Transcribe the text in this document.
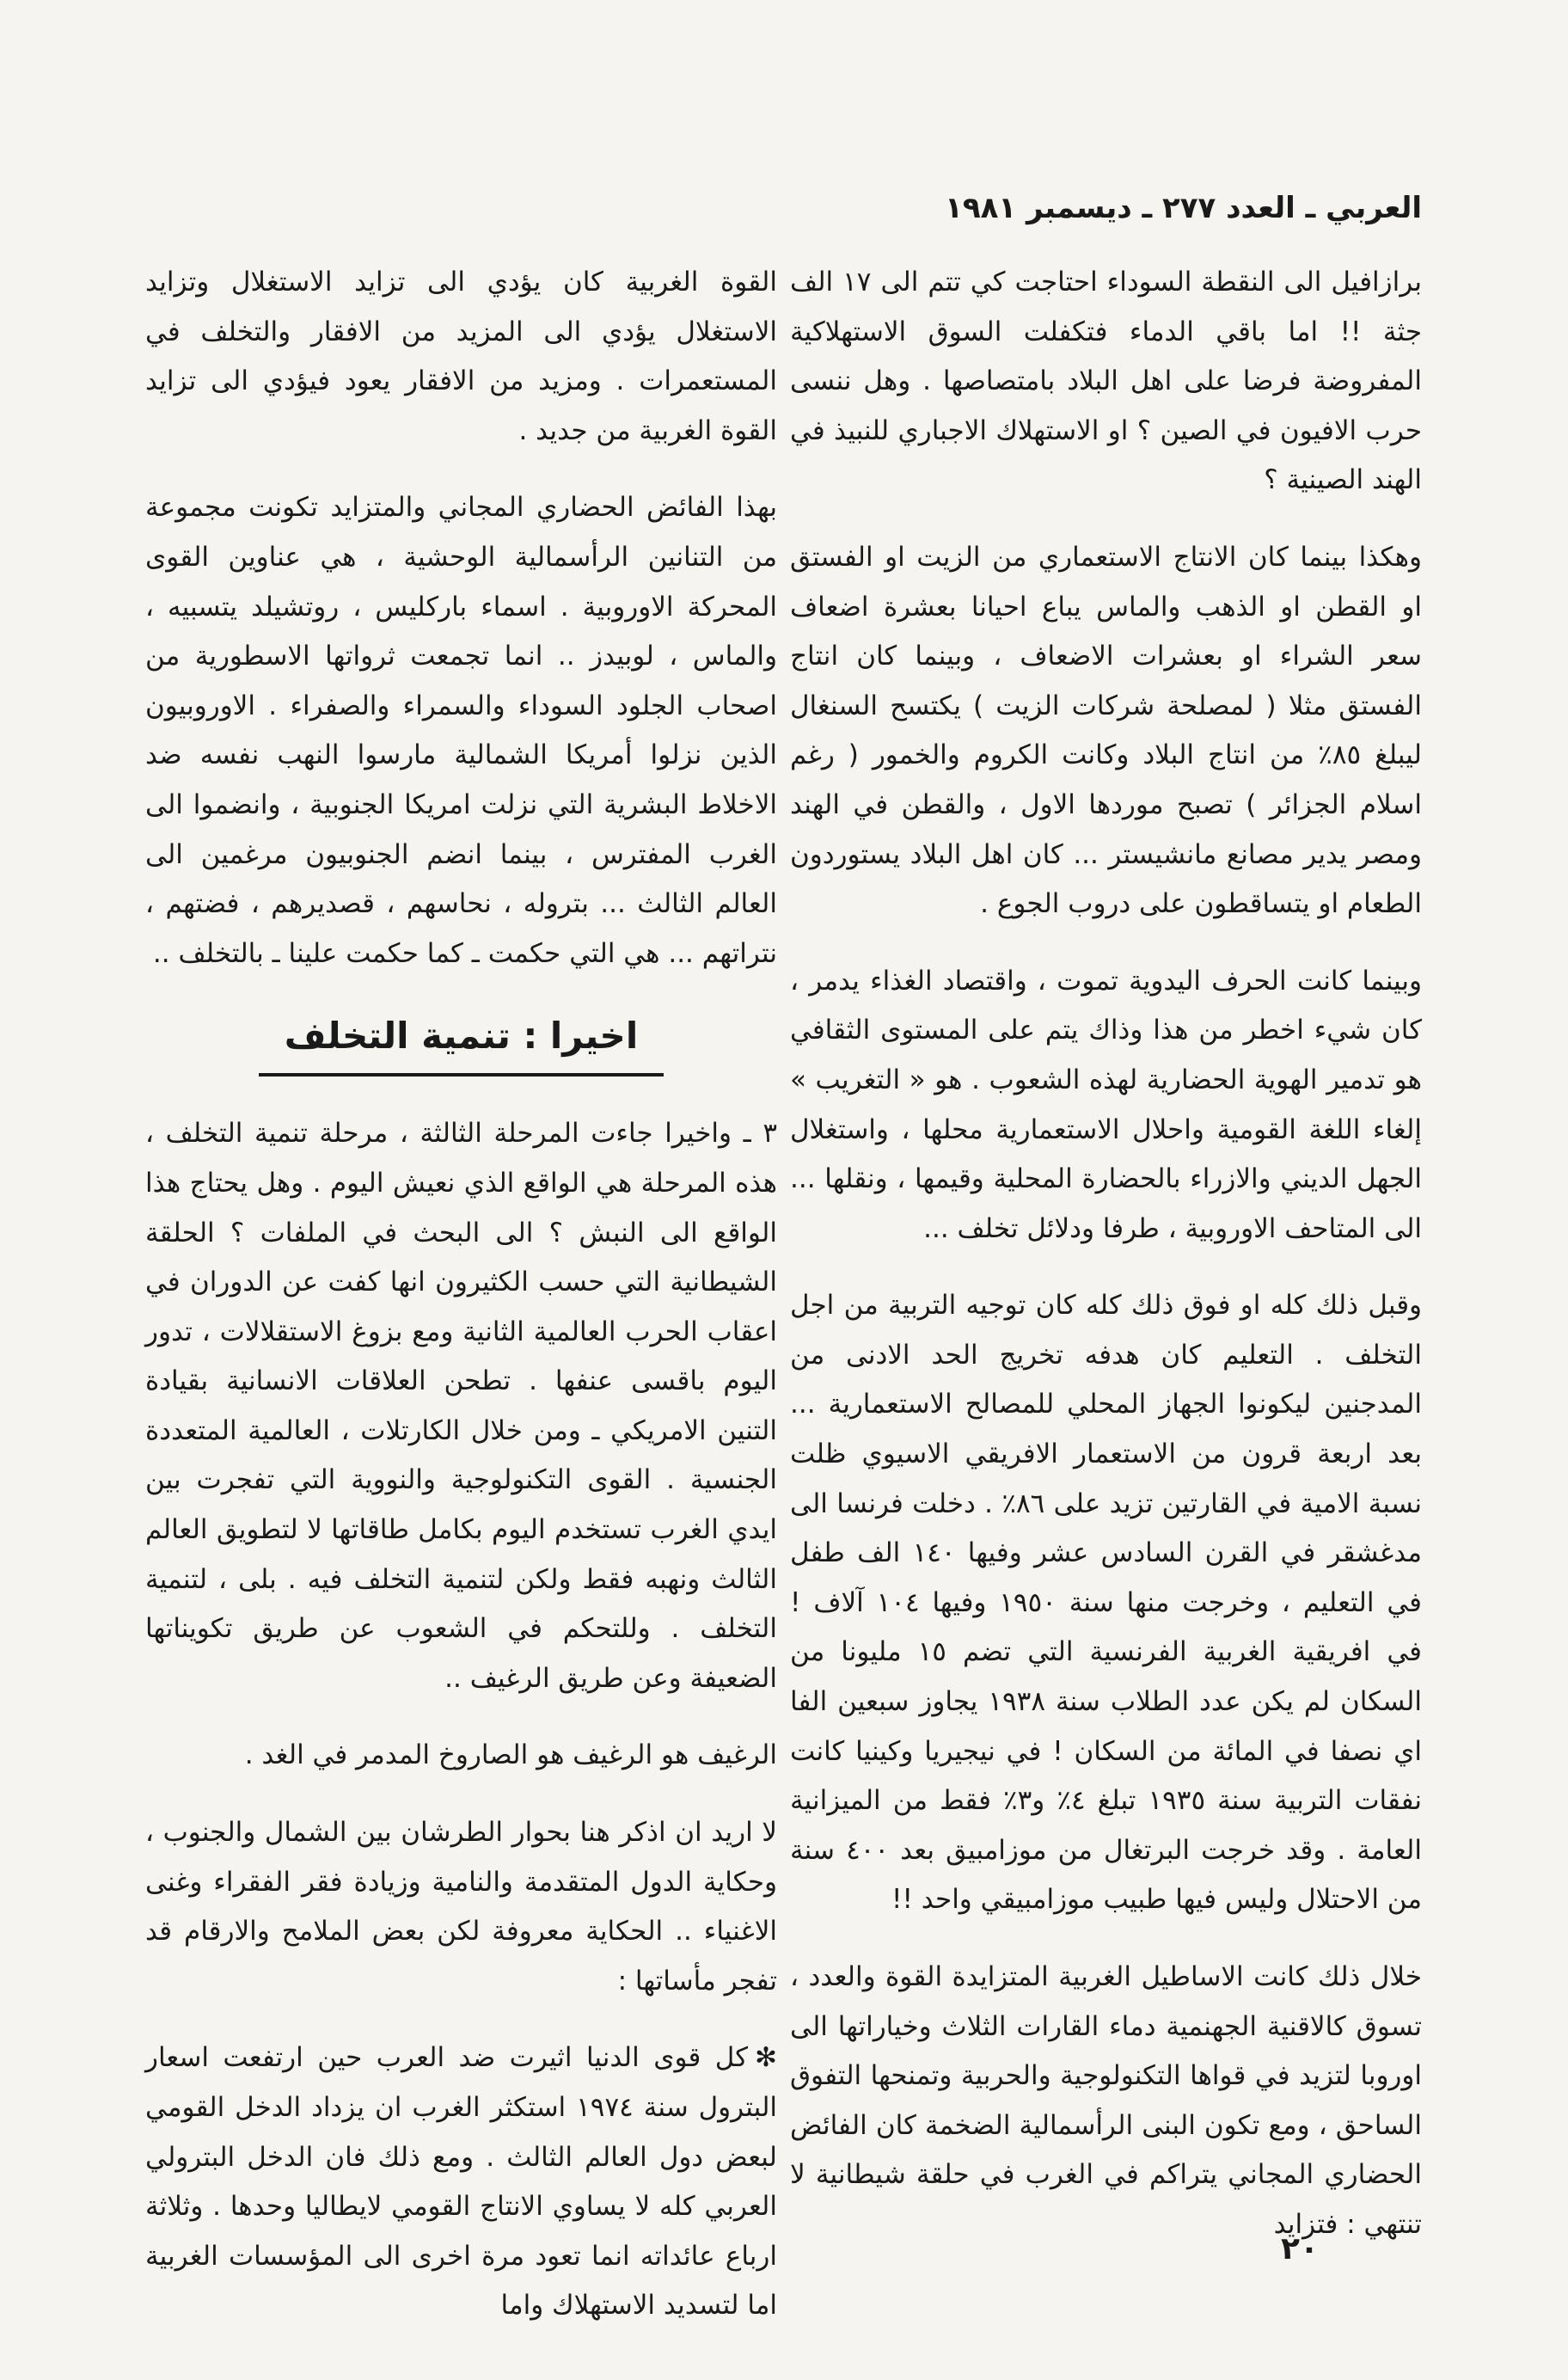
العربي ـ العدد ٢٧٧ ـ ديسمبر ١٩٨١

برازافيل الى النقطة السوداء احتاجت كي تتم الى ١٧ الف جثة !! اما باقي الدماء فتكفلت السوق الاستهلاكية المفروضة فرضا على اهل البلاد بامتصاصها . وهل ننسى حرب الافيون في الصين ؟ او الاستهلاك الاجباري للنبيذ في الهند الصينية ؟

وهكذا بينما كان الانتاج الاستعماري من الزيت او الفستق او القطن او الذهب والماس يباع احيانا بعشرة اضعاف سعر الشراء او بعشرات الاضعاف ، وبينما كان انتاج الفستق مثلا ( لمصلحة شركات الزيت ) يكتسح السنغال ليبلغ ٨٥٪ من انتاج البلاد وكانت الكروم والخمور ( رغم اسلام الجزائر ) تصبح موردها الاول ، والقطن في الهند ومصر يدير مصانع مانشيستر ... كان اهل البلاد يستوردون الطعام او يتساقطون على دروب الجوع .

وبينما كانت الحرف اليدوية تموت ، واقتصاد الغذاء يدمر ، كان شيء اخطر من هذا وذاك يتم على المستوى الثقافي هو تدمير الهوية الحضارية لهذه الشعوب . هو « التغريب » إلغاء اللغة القومية واحلال الاستعمارية محلها ، واستغلال الجهل الديني والازراء بالحضارة المحلية وقيمها ، ونقلها ... الى المتاحف الاوروبية ، طرفا ودلائل تخلف ...

وقبل ذلك كله او فوق ذلك كله كان توجيه التربية من اجل التخلف . التعليم كان هدفه تخريج الحد الادنى من المدجنين ليكونوا الجهاز المحلي للمصالح الاستعمارية ... بعد اربعة قرون من الاستعمار الافريقي الاسيوي ظلت نسبة الامية في القارتين تزيد على ٨٦٪ . دخلت فرنسا الى مدغشقر في القرن السادس عشر وفيها ١٤٠ الف طفل في التعليم ، وخرجت منها سنة ١٩٥٠ وفيها ١٠٤ آلاف ! في افريقية الغربية الفرنسية التي تضم ١٥ مليونا من السكان لم يكن عدد الطلاب سنة ١٩٣٨ يجاوز سبعين الفا اي نصفا في المائة من السكان ! في نيجيريا وكينيا كانت نفقات التربية سنة ١٩٣٥ تبلغ ٤٪ و٣٪ فقط من الميزانية العامة . وقد خرجت البرتغال من موزامبيق بعد ٤٠٠ سنة من الاحتلال وليس فيها طبيب موزامبيقي واحد !!

خلال ذلك كانت الاساطيل الغربية المتزايدة القوة والعدد ، تسوق كالاقنية الجهنمية دماء القارات الثلاث وخياراتها الى اوروبا لتزيد في قواها التكنولوجية والحربية وتمنحها التفوق الساحق ، ومع تكون البنى الرأسمالية الضخمة كان الفائض الحضاري المجاني يتراكم في الغرب في حلقة شيطانية لا تنتهي : فتزايد

القوة الغربية كان يؤدي الى تزايد الاستغلال وتزايد الاستغلال يؤدي الى المزيد من الافقار والتخلف في المستعمرات . ومزيد من الافقار يعود فيؤدي الى تزايد القوة الغربية من جديد .

بهذا الفائض الحضاري المجاني والمتزايد تكونت مجموعة من التنانين الرأسمالية الوحشية ، هي عناوين القوى المحركة الاوروبية . اسماء باركليس ، روتشيلد يتسبيه ، والماس ، لوبيدز .. انما تجمعت ثرواتها الاسطورية من اصحاب الجلود السوداء والسمراء والصفراء . الاوروبيون الذين نزلوا أمريكا الشمالية مارسوا النهب نفسه ضد الاخلاط البشرية التي نزلت امريكا الجنوبية ، وانضموا الى الغرب المفترس ، بينما انضم الجنوبيون مرغمين الى العالم الثالث ... بتروله ، نحاسهم ، قصديرهم ، فضتهم ، نتراتهم ... هي التي حكمت ـ كما حكمت علينا ـ بالتخلف ..

اخيرا : تنمية التخلف

٣ ـ واخيرا جاءت المرحلة الثالثة ، مرحلة تنمية التخلف ، هذه المرحلة هي الواقع الذي نعيش اليوم . وهل يحتاج هذا الواقع الى النبش ؟ الى البحث في الملفات ؟ الحلقة الشيطانية التي حسب الكثيرون انها كفت عن الدوران في اعقاب الحرب العالمية الثانية ومع بزوغ الاستقلالات ، تدور اليوم باقسى عنفها . تطحن العلاقات الانسانية بقيادة التنين الامريكي ـ ومن خلال الكارتلات ، العالمية المتعددة الجنسية . القوى التكنولوجية والنووية التي تفجرت بين ايدي الغرب تستخدم اليوم بكامل طاقاتها لا لتطويق العالم الثالث ونهبه فقط ولكن لتنمية التخلف فيه . بلى ، لتنمية التخلف . وللتحكم في الشعوب عن طريق تكويناتها الضعيفة وعن طريق الرغيف ..

الرغيف هو الرغيف هو الصاروخ المدمر في الغد .

لا اريد ان اذكر هنا بحوار الطرشان بين الشمال والجنوب ، وحكاية الدول المتقدمة والنامية وزيادة فقر الفقراء وغنى الاغنياء .. الحكاية معروفة لكن بعض الملامح والارقام قد تفجر مأساتها :

✻كل قوى الدنيا اثيرت ضد العرب حين ارتفعت اسعار البترول سنة ١٩٧٤ استكثر الغرب ان يزداد الدخل القومي لبعض دول العالم الثالث . ومع ذلك فان الدخل البترولي العربي كله لا يساوي الانتاج القومي لايطاليا وحدها . وثلاثة ارباع عائداته انما تعود مرة اخرى الى المؤسسات الغربية اما لتسديد الاستهلاك واما

٢٠
